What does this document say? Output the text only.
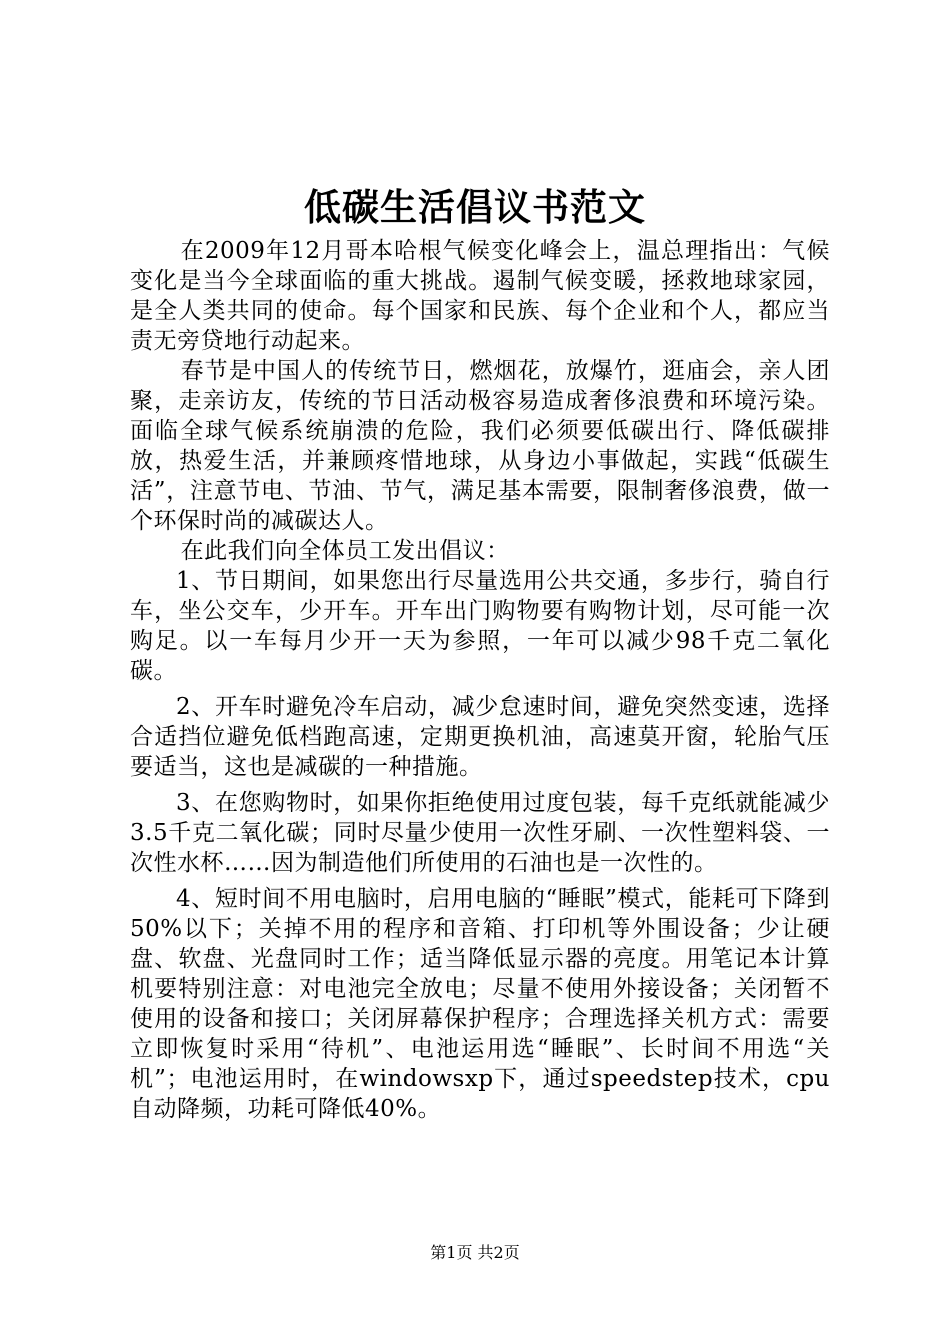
低碳生活倡议书范文

在2009年12月哥本哈根气候变化峰会上，温总理指出：气候变化是当今全球面临的重大挑战。遏制气候变暖，拯救地球家园，是全人类共同的使命。每个国家和民族、每个企业和个人，都应当责无旁贷地行动起来。

春节是中国人的传统节日，燃烟花，放爆竹，逛庙会，亲人团聚，走亲访友，传统的节日活动极容易造成奢侈浪费和环境污染。面临全球气候系统崩溃的危险，我们必须要低碳出行、降低碳排放，热爱生活，并兼顾疼惜地球，从身边小事做起，实践“低碳生活”，注意节电、节油、节气，满足基本需要，限制奢侈浪费，做一个环保时尚的减碳达人。

在此我们向全体员工发出倡议：

1、节日期间，如果您出行尽量选用公共交通，多步行，骑自行车，坐公交车，少开车。开车出门购物要有购物计划，尽可能一次购足。以一车每月少开一天为参照，一年可以减少98千克二氧化碳。

2、开车时避免冷车启动，减少怠速时间，避免突然变速，选择合适挡位避免低档跑高速，定期更换机油，高速莫开窗，轮胎气压要适当，这也是减碳的一种措施。

3、在您购物时，如果你拒绝使用过度包装，每千克纸就能减少3.5千克二氧化碳；同时尽量少使用一次性牙刷、一次性塑料袋、一次性水杯……因为制造他们所使用的石油也是一次性的。

4、短时间不用电脑时，启用电脑的“睡眠”模式，能耗可下降到50%以下；关掉不用的程序和音箱、打印机等外围设备；少让硬盘、软盘、光盘同时工作；适当降低显示器的亮度。用笔记本计算机要特别注意：对电池完全放电；尽量不使用外接设备；关闭暂不使用的设备和接口；关闭屏幕保护程序；合理选择关机方式：需要立即恢复时采用“待机”、电池运用选“睡眠”、长时间不用选“关机”；电池运用时，在windowsxp下，通过speedstep技术，cpu自动降频，功耗可降低40%。

第1页 共2页
